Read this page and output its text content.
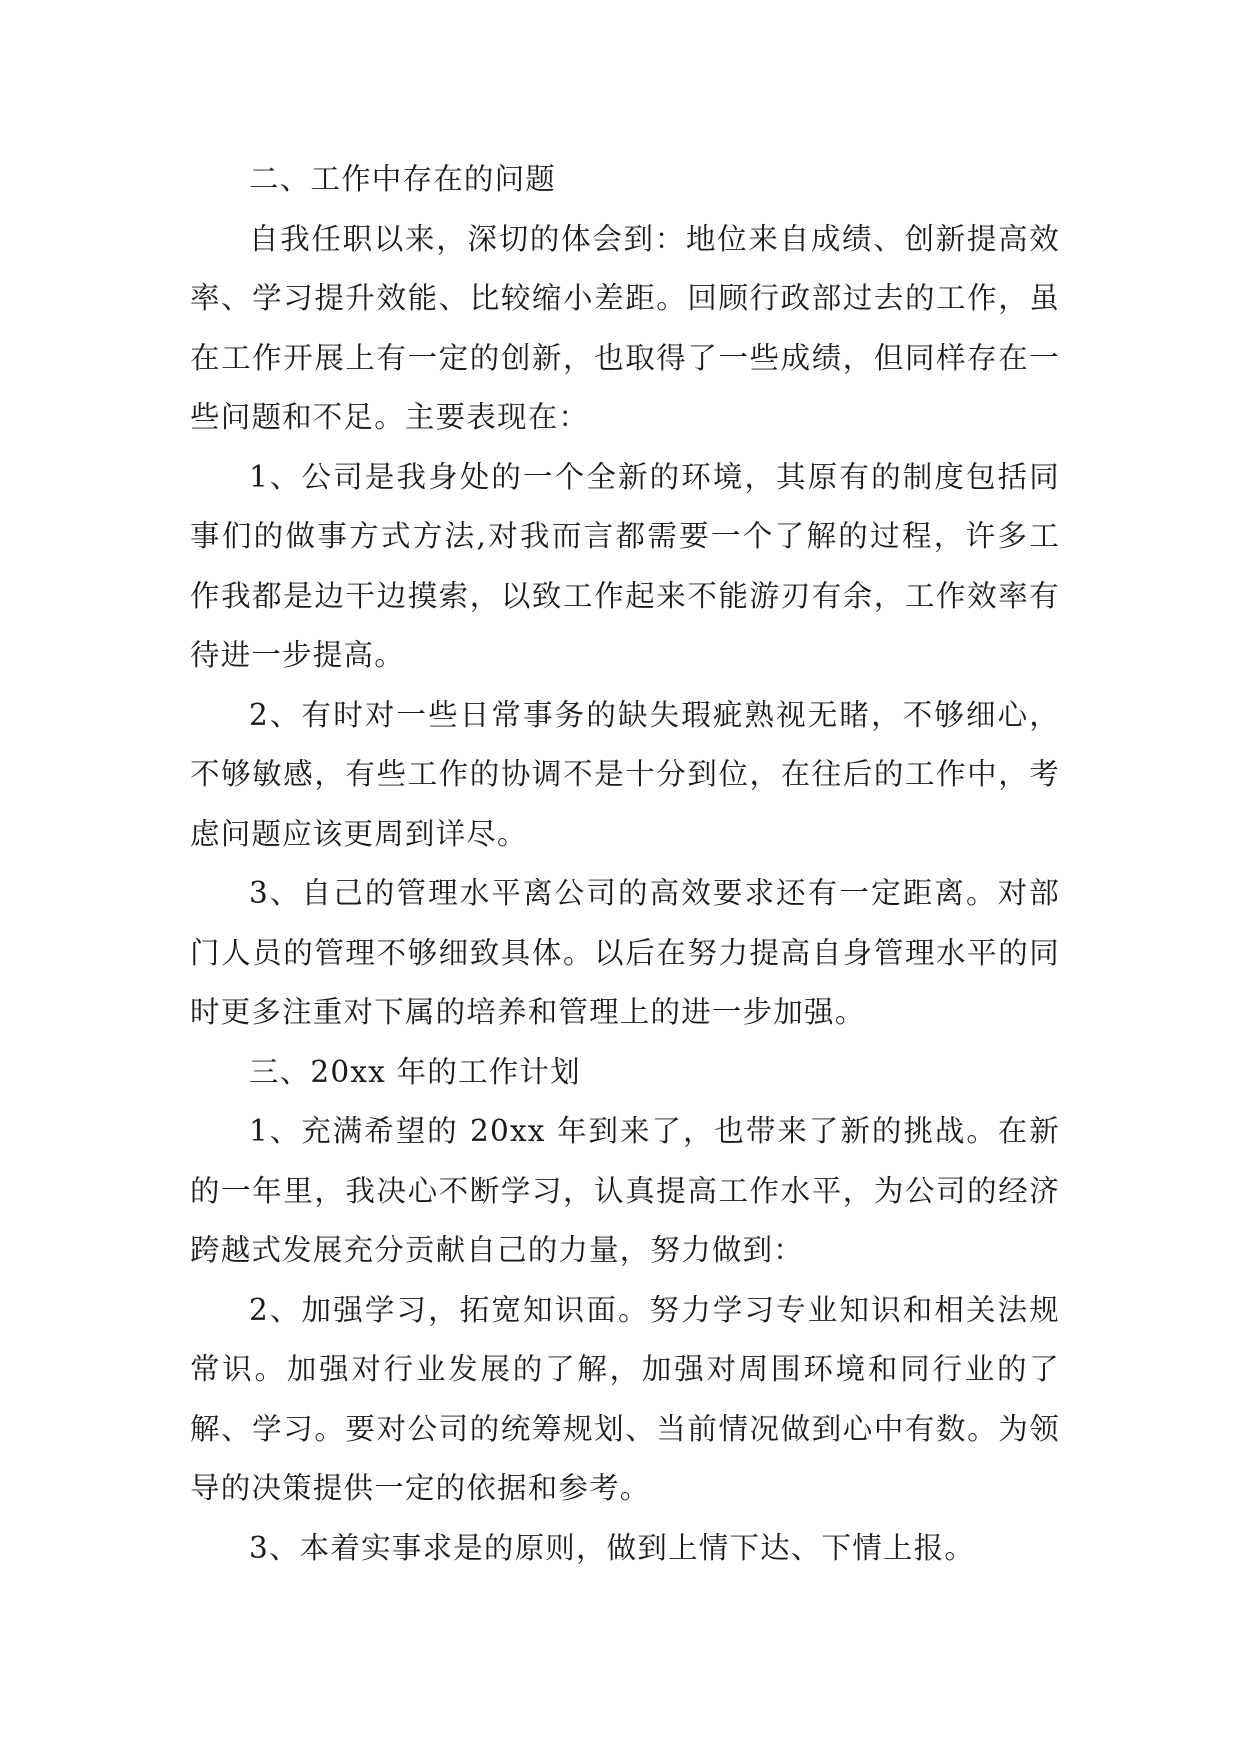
二、工作中存在的问题

自我任职以来，深切的体会到：地位来自成绩、创新提高效率、学习提升效能、比较缩小差距。回顾行政部过去的工作，虽在工作开展上有一定的创新，也取得了一些成绩，但同样存在一些问题和不足。主要表现在：

1、公司是我身处的一个全新的环境，其原有的制度包括同事们的做事方式方法,对我而言都需要一个了解的过程，许多工作我都是边干边摸索，以致工作起来不能游刃有余，工作效率有待进一步提高。

2、有时对一些日常事务的缺失瑕疵熟视无睹，不够细心，不够敏感，有些工作的协调不是十分到位，在往后的工作中，考虑问题应该更周到详尽。

3、自己的管理水平离公司的高效要求还有一定距离。对部门人员的管理不够细致具体。以后在努力提高自身管理水平的同时更多注重对下属的培养和管理上的进一步加强。

三、20xx 年的工作计划

1、充满希望的 20xx 年到来了，也带来了新的挑战。在新的一年里，我决心不断学习，认真提高工作水平，为公司的经济跨越式发展充分贡献自己的力量，努力做到：

2、加强学习，拓宽知识面。努力学习专业知识和相关法规常识。加强对行业发展的了解，加强对周围环境和同行业的了解、学习。要对公司的统筹规划、当前情况做到心中有数。为领导的决策提供一定的依据和参考。

3、本着实事求是的原则，做到上情下达、下情上报。
